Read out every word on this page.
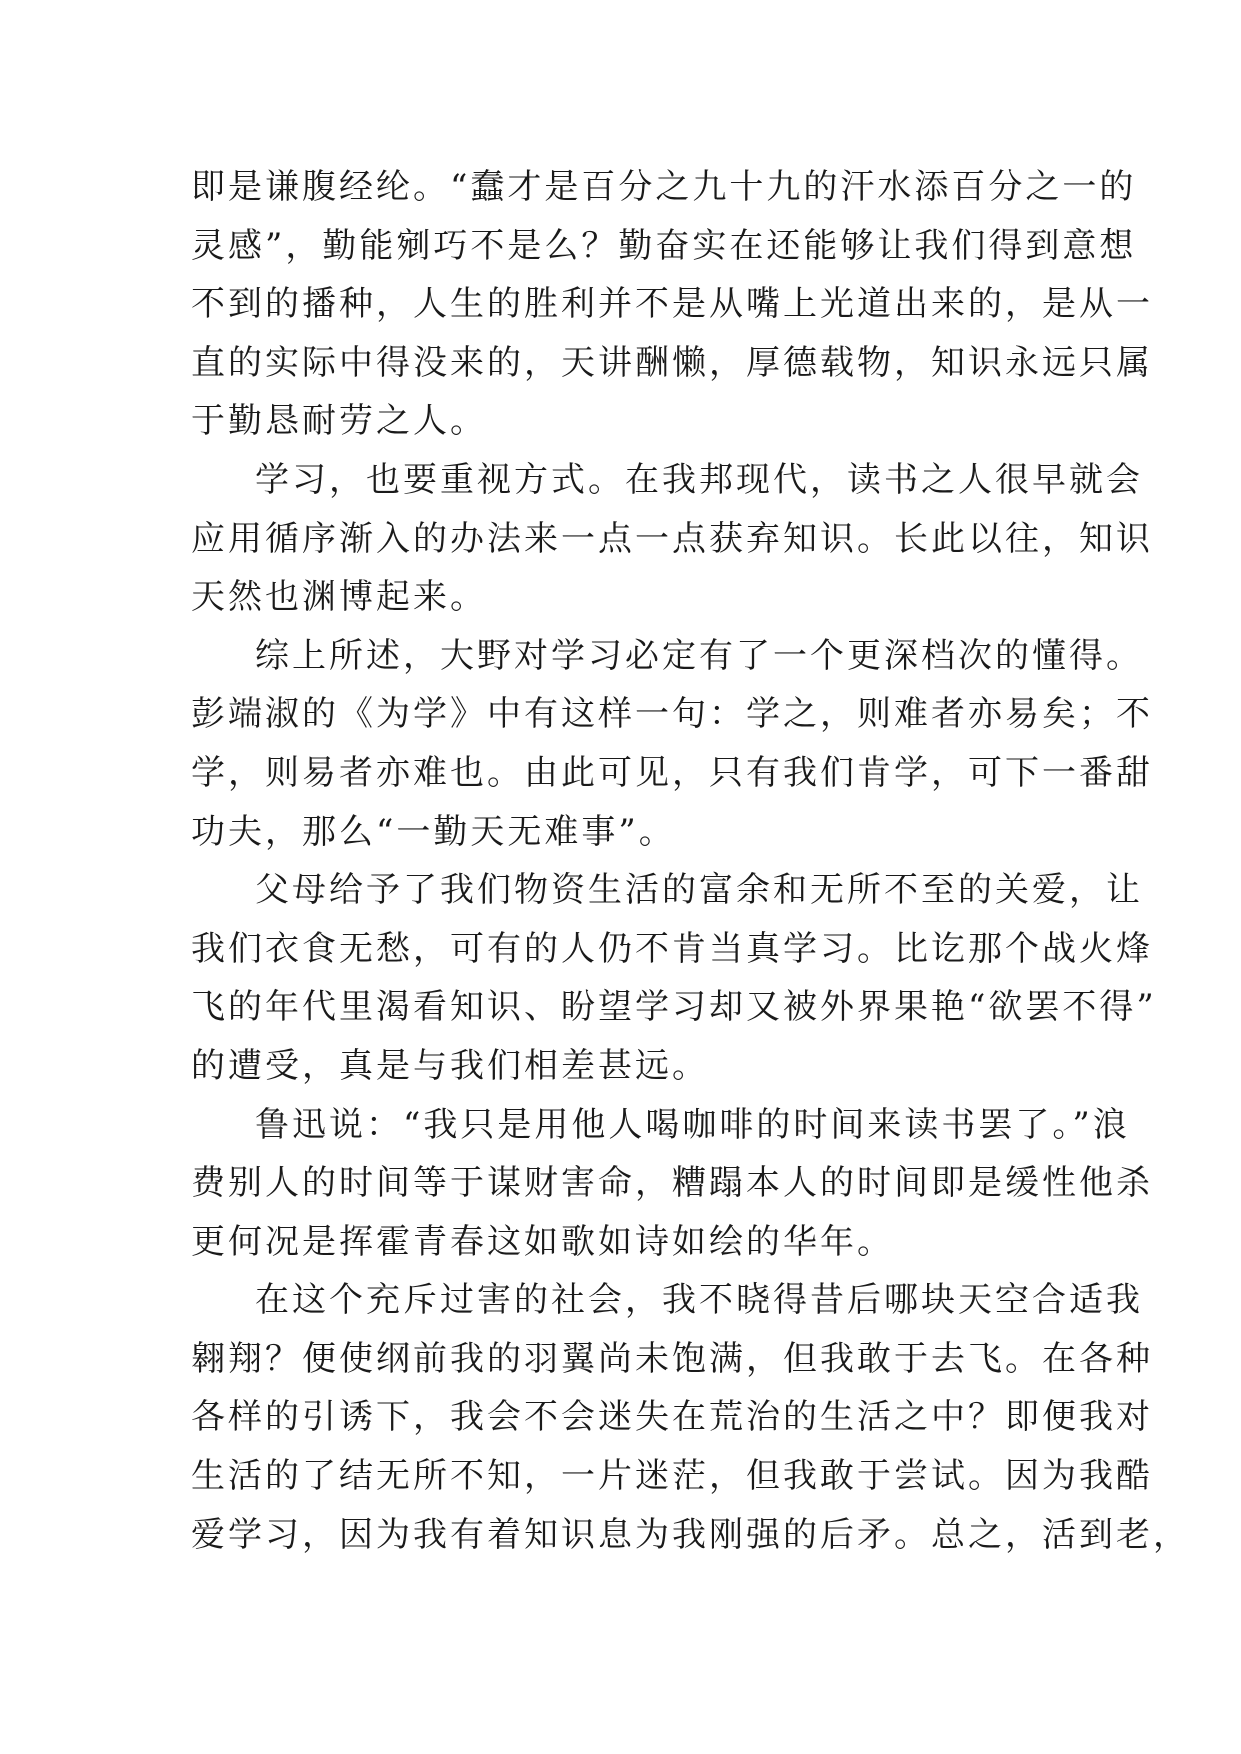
即是谦腹经纶。“蠢才是百分之九十九的汗水添百分之一的
灵感”，勤能剜巧不是么？勤奋实在还能够让我们得到意想
不到的播种，人生的胜利并不是从嘴上光道出来的，是从一
直的实际中得没来的，天讲酬懒，厚德载物，知识永远只属
于勤恳耐劳之人。
学习，也要重视方式。在我邦现代，读书之人很早就会
应用循序渐入的办法来一点一点获弃知识。长此以往，知识
天然也渊博起来。
综上所述，大野对学习必定有了一个更深档次的懂得。
彭端淑的《为学》中有这样一句：学之，则难者亦易矣；不
学，则易者亦难也。由此可见，只有我们肯学，可下一番甜
功夫，那么“一勤天无难事”。
父母给予了我们物资生活的富余和无所不至的关爱，让
我们衣食无愁，可有的人仍不肯当真学习。比讫那个战火烽
飞的年代里渴看知识、盼望学习却又被外界果艳“欲罢不得”
的遭受，真是与我们相差甚远。
鲁迅说：“我只是用他人喝咖啡的时间来读书罢了。”浪
费别人的时间等于谋财害命，糟蹋本人的时间即是缓性他杀
更何况是挥霍青春这如歌如诗如绘的华年。
在这个充斥过害的社会，我不晓得昔后哪块天空合适我
翱翔？便使纲前我的羽翼尚未饱满，但我敢于去飞。在各种
各样的引诱下，我会不会迷失在荒治的生活之中？即便我对
生活的了结无所不知，一片迷茫，但我敢于尝试。因为我酷
爱学习，因为我有着知识息为我刚强的后矛。总之，活到老，
